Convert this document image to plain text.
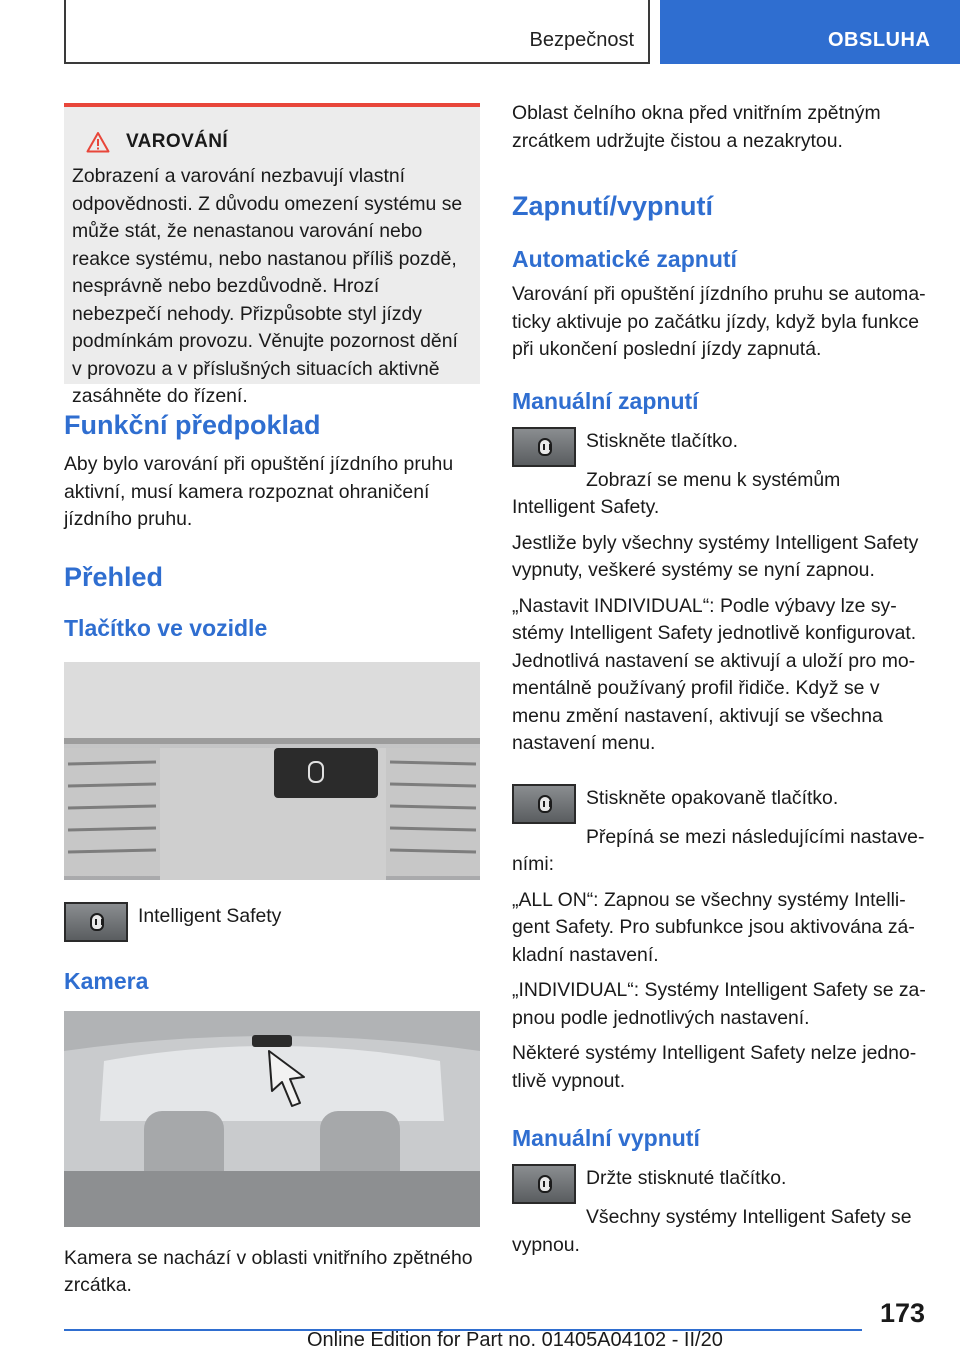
Bezpečnost	OBSLUHA
VAROVÁNÍ

Zobrazení a varování nezbavují vlastní odpovědnosti. Z důvodu omezení systému se může stát, že nenastanou varování nebo reakce systému, nebo nastanou příliš pozdě, nesprávně nebo bezdůvodně. Hrozí nebezpečí nehody. Přizpůsobte styl jízdy podmínkám provozu. Věnujte pozornost dění v provozu a v příslušných situacích aktivně zasáhněte do řízení.

Funkční předpoklad

Aby bylo varování při opuštění jízdního pruhu aktivní, musí kamera rozpoznat ohraničení jízdního pruhu.

Přehled
Tlačítko ve vozidle
Intelligent Safety
Kamera

Kamera se nachází v oblasti vnitřního zpětného zrcátka.

Oblast čelního okna před vnitřním zpětným zrcátkem udržujte čistou a nezakrytou.

Zapnutí/vypnutí
Automatické zapnutí

Varování při opuštění jízdního pruhu se automaticky aktivuje po začátku jízdy, když byla funkce při ukončení poslední jízdy zapnutá.

Manuální zapnutí
Stiskněte tlačítko.

Zobrazí se menu k systémům Intelligent Safety.

Jestliže byly všechny systémy Intelligent Safety vypnuty, veškeré systémy se nyní zapnou.

„Nastavit INDIVIDUAL“: Podle výbavy lze systémy Intelligent Safety jednotlivě konfigurovat. Jednotlivá nastavení se aktivují a uloží pro momentálně používaný profil řidiče. Když se v menu změní nastavení, aktivují se všechna nastavení menu.

Stiskněte opakovaně tlačítko.

Přepíná se mezi následujícími nastaveními:

„ALL ON“: Zapnou se všechny systémy Intelligent Safety. Pro subfunkce jsou aktivována základní nastavení.

„INDIVIDUAL“: Systémy Intelligent Safety se zapnou podle jednotlivých nastavení.

Některé systémy Intelligent Safety nelze jednotlivě vypnout.

Manuální vypnutí
Držte stisknuté tlačítko.

Všechny systémy Intelligent Safety se vypnou.

173
Online Edition for Part no. 01405A04102 - II/20
